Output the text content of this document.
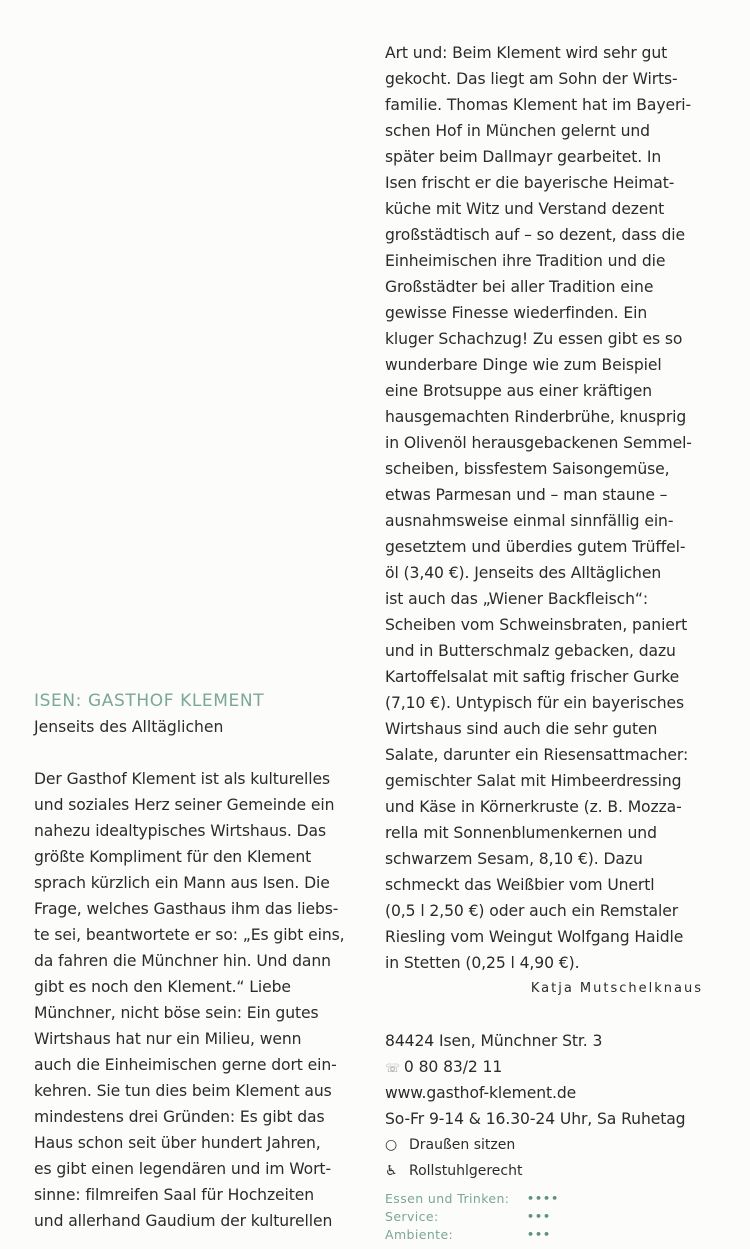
ISEN: GASTHOF KLEMENT
Jenseits des Alltäglichen
Der Gasthof Klement ist als kulturelles
und soziales Herz seiner Gemeinde ein
nahezu idealtypisches Wirtshaus. Das
größte Kompliment für den Klement
sprach kürzlich ein Mann aus Isen. Die
Frage, welches Gasthaus ihm das liebs-
te sei, beantwortete er so: „Es gibt eins,
da fahren die Münchner hin. Und dann
gibt es noch den Klement.“ Liebe
Münchner, nicht böse sein: Ein gutes
Wirtshaus hat nur ein Milieu, wenn
auch die Einheimischen gerne dort ein-
kehren. Sie tun dies beim Klement aus
mindestens drei Gründen: Es gibt das
Haus schon seit über hundert Jahren,
es gibt einen legendären und im Wort-
sinne: filmreifen Saal für Hochzeiten
und allerhand Gaudium der kulturellen
Art und: Beim Klement wird sehr gut
gekocht. Das liegt am Sohn der Wirts-
familie. Thomas Klement hat im Bayeri-
schen Hof in München gelernt und
später beim Dallmayr gearbeitet. In
Isen frischt er die bayerische Heimat-
küche mit Witz und Verstand dezent
großstädtisch auf – so dezent, dass die
Einheimischen ihre Tradition und die
Großstädter bei aller Tradition eine
gewisse Finesse wiederfinden. Ein
kluger Schachzug! Zu essen gibt es so
wunderbare Dinge wie zum Beispiel
eine Brotsuppe aus einer kräftigen
hausgemachten Rinderbrühe, knusprig
in Olivenöl herausgebackenen Semmel-
scheiben, bissfestem Saisongemüse,
etwas Parmesan und – man staune –
ausnahmsweise einmal sinnfällig ein-
gesetztem und überdies gutem Trüffel-
öl (3,40 €). Jenseits des Alltäglichen
ist auch das „Wiener Backfleisch“:
Scheiben vom Schweinsbraten, paniert
und in Butterschmalz gebacken, dazu
Kartoffelsalat mit saftig frischer Gurke
(7,10 €). Untypisch für ein bayerisches
Wirtshaus sind auch die sehr guten
Salate, darunter ein Riesensattmacher:
gemischter Salat mit Himbeerdressing
und Käse in Körnerkruste (z. B. Mozza-
rella mit Sonnenblumenkernen und
schwarzem Sesam, 8,10 €). Dazu
schmeckt das Weißbier vom Unertl
(0,5 l 2,50 €) oder auch ein Remstaler
Riesling vom Weingut Wolfgang Haidle
in Stetten (0,25 l 4,90 €).
Katja Mutschelknaus
84424 Isen, Münchner Str. 3
☏ 0 80 83/2 11
www.gasthof-klement.de
So-Fr 9-14 & 16.30-24 Uhr, Sa Ruhetag
○ Draußen sitzen
♿ Rollstuhlgerecht
Essen und Trinken:	••••
Service:	•••
Ambiente:	•••
